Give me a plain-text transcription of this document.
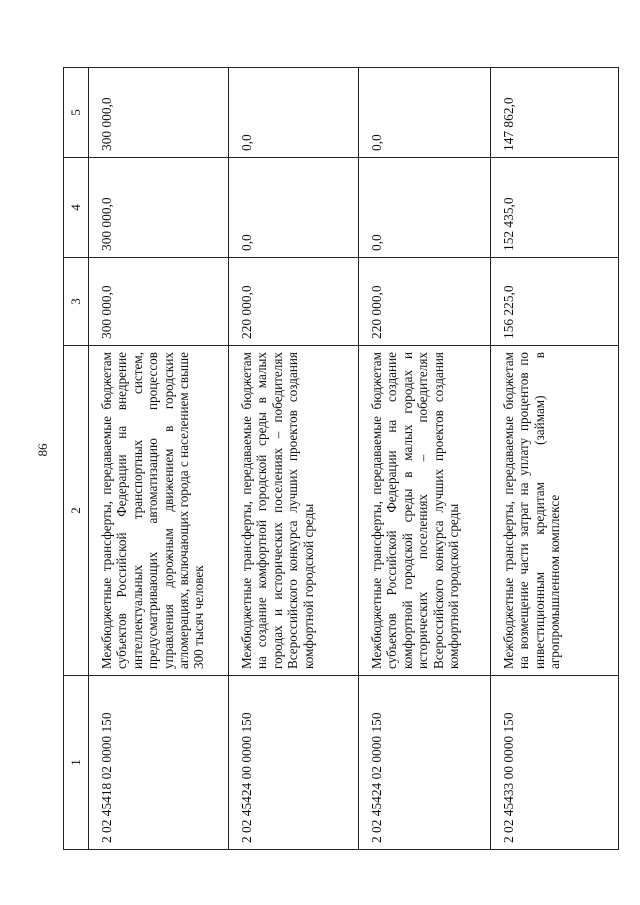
86
1	2	3	4	5
2 02 45418 02 0000 150	Межбюджетные трансферты, передаваемые бюджетам субъектов Российской Федерации на внедрение интеллектуальных транспортных систем, предусматривающих автоматизацию процессов управления дорожным движением в городских агломерациях, включающих города с населением свыше 300 тысяч человек	300 000,0	300 000,0	300 000,0
2 02 45424 00 0000 150	Межбюджетные трансферты, передаваемые бюджетам на создание комфортной городской среды в малых городах и исторических поселениях – победителях Всероссийского конкурса лучших проектов создания комфортной городской среды	220 000,0	0,0	0,0
2 02 45424 02 0000 150	Межбюджетные трансферты, передаваемые бюджетам субъектов Российской Федерации на создание комфортной городской среды в малых городах и исторических поселениях – победителях Всероссийского конкурса лучших проектов создания комфортной городской среды	220 000,0	0,0	0,0
2 02 45433 00 0000 150	Межбюджетные трансферты, передаваемые бюджетам на возмещение части затрат на уплату процентов по инвестиционным кредитам (займам) в агропромышленном комплексе	156 225,0	152 435,0	147 862,0
